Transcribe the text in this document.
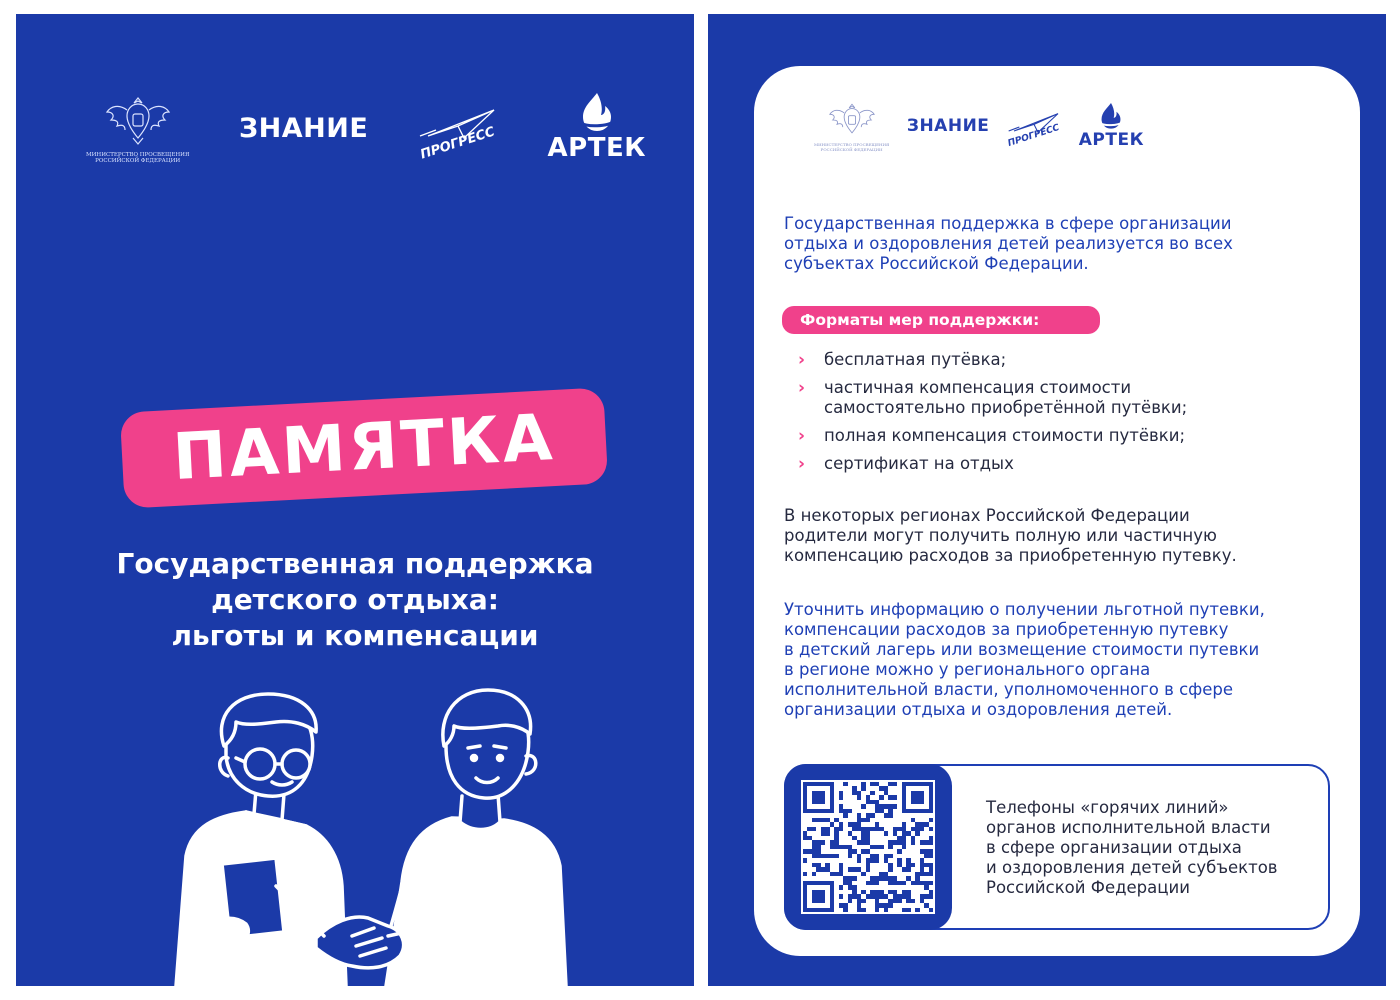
МИНИСТЕРСТВО ПРОСВЕЩЕНИЯ
РОССИЙСКОЙ ФЕДЕРАЦИИ
ЗНАНИЕ	ПРОГРЕСС АРТЕК
ПАМЯТКА
Государственная поддержка
детского отдыха:
льготы и компенсации
МИНИСТЕРСТВО ПРОСВЕЩЕНИЯ
РОССИЙСКОЙ ФЕДЕРАЦИИ
ЗНАНИЕ ПРОГРЕСС АРТЕК
Государственная поддержка в сфере организации
отдыха и оздоровления детей реализуется во всех
субъектах Российской Федерации.
Форматы мер поддержки:
›	бесплатная путёвка;
›	частичная компенсация стоимости
самостоятельно приобретённой путёвки;
›	полная компенсация стоимости путёвки;
›	сертификат на отдых
В некоторых регионах Российской Федерации
родители могут получить полную или частичную
компенсацию расходов за приобретенную путевку.
Уточнить информацию о получении льготной путевки,
компенсации расходов за приобретенную путевку
в детский лагерь или возмещение стоимости путевки
в регионе можно у регионального органа
исполнительной власти, уполномоченного в сфере
организации отдыха и оздоровления детей.
Телефоны «горячих линий»
органов исполнительной власти
в сфере организации отдыха
и оздоровления детей субъектов
Российской Федерации
